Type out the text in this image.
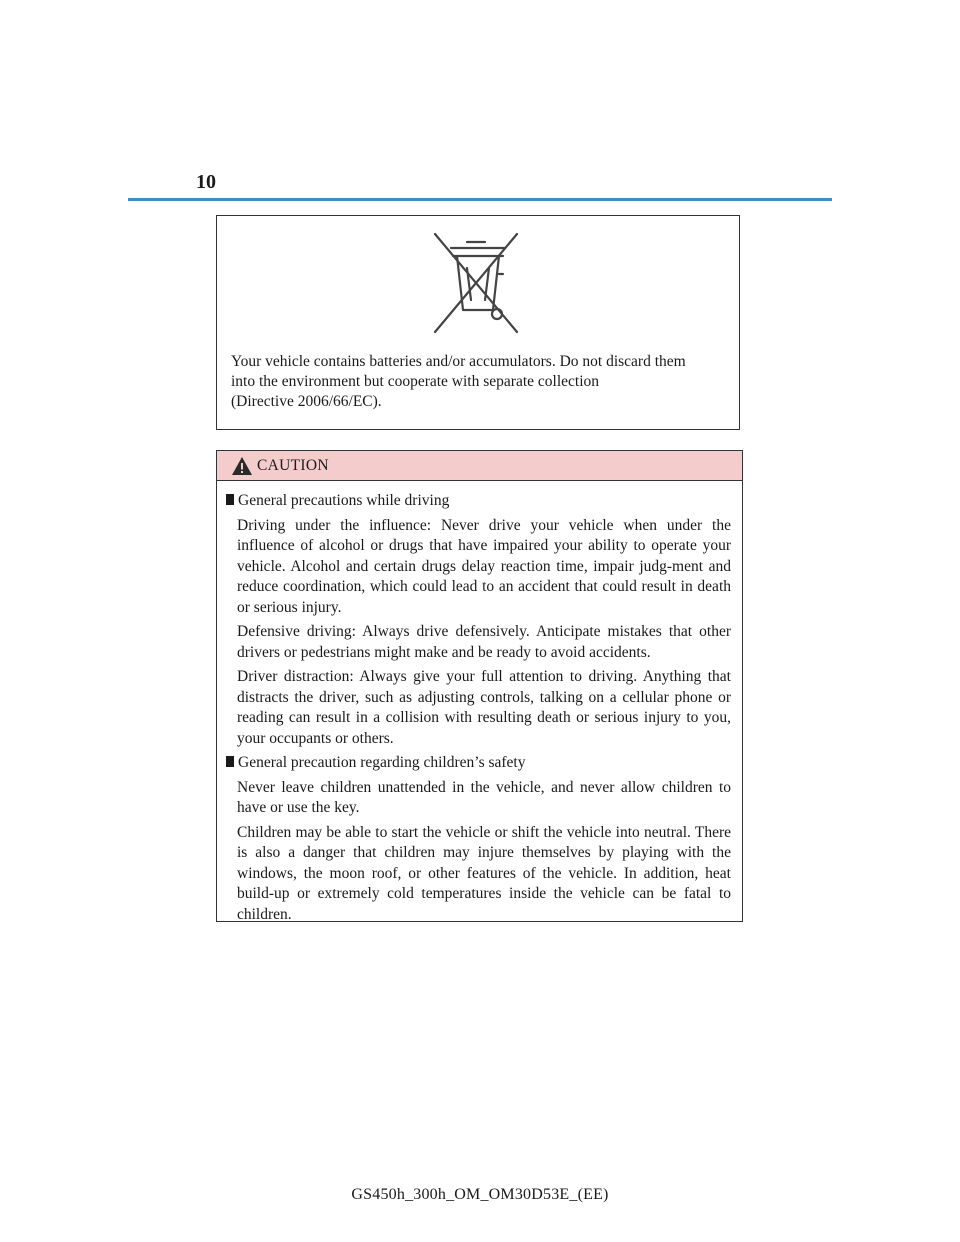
10
Your vehicle contains batteries and/or accumulators. Do not discard them
into the environment but cooperate with separate collection
(Directive 2006/66/EC).
CAUTION
General precautions while driving
Driving under the influence: Never drive your vehicle when under the influence of alcohol or drugs that have impaired your ability to operate your vehicle. Alcohol and certain drugs delay reaction time, impair judg-ment and reduce coordination, which could lead to an accident that could result in death or serious injury.
Defensive driving: Always drive defensively. Anticipate mistakes that other drivers or pedestrians might make and be ready to avoid accidents.
Driver distraction: Always give your full attention to driving. Anything that distracts the driver, such as adjusting controls, talking on a cellular phone or reading can result in a collision with resulting death or serious injury to you, your occupants or others.
General precaution regarding children’s safety
Never leave children unattended in the vehicle, and never allow children to have or use the key.
Children may be able to start the vehicle or shift the vehicle into neutral. There is also a danger that children may injure themselves by playing with the windows, the moon roof, or other features of the vehicle. In addition, heat build-up or extremely cold temperatures inside the vehicle can be fatal to children.
GS450h_300h_OM_OM30D53E_(EE)
